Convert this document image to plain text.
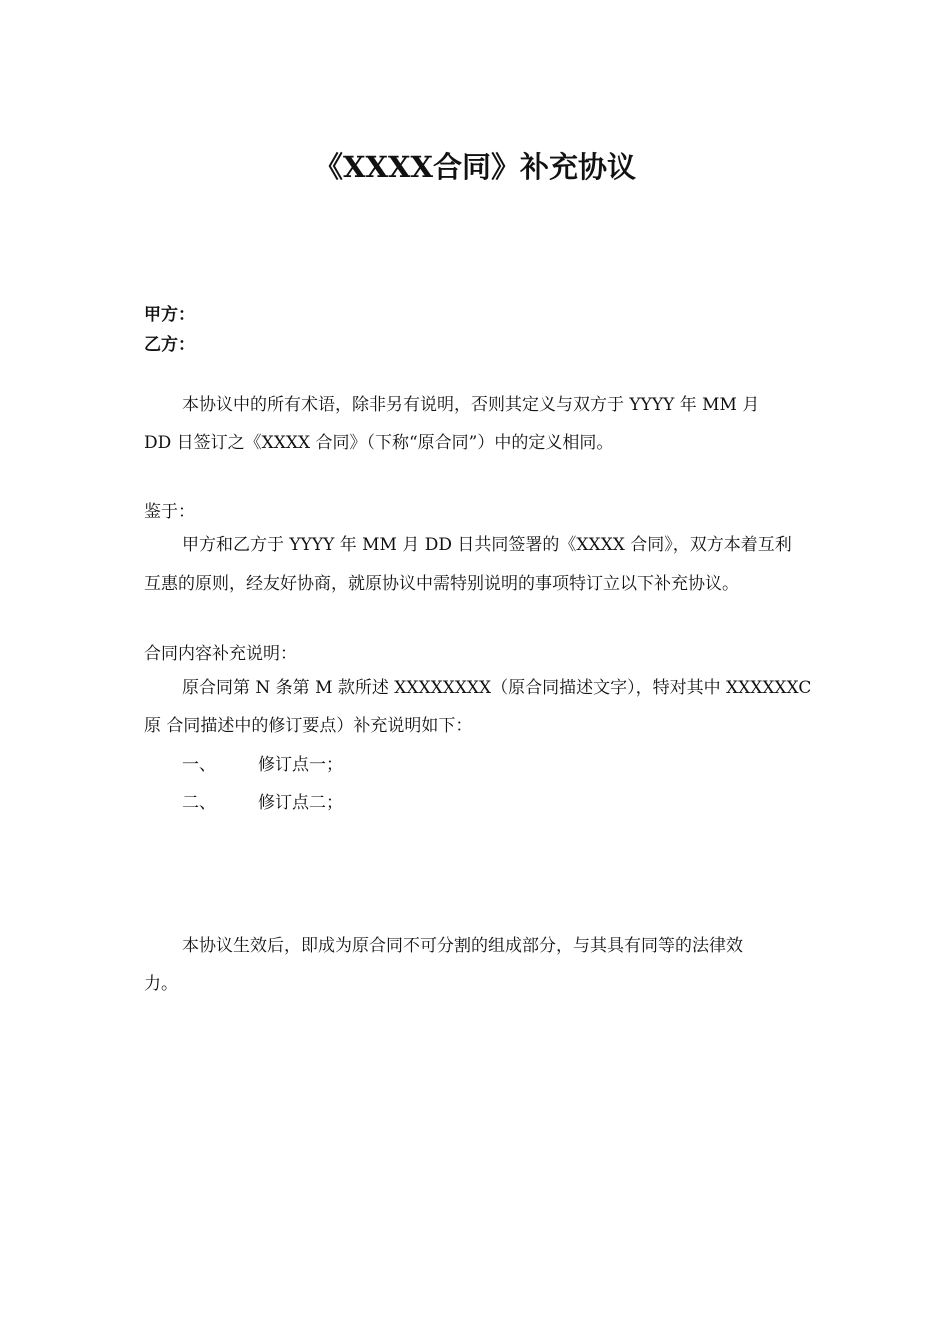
《XXXX合同》补充协议
甲方：
乙方：
本协议中的所有术语，除非另有说明，否则其定义与双方于 YYYY 年 MM 月
DD 日签订之《XXXX 合同》（下称“原合同”）中的定义相同。
鉴于：
甲方和乙方于 YYYY 年 MM 月 DD 日共同签署的《XXXX 合同》，双方本着互利
互惠的原则，经友好协商，就原协议中需特别说明的事项特订立以下补充协议。
合同内容补充说明：
原合同第 N 条第 M 款所述 XXXXXXXX（原合同描述文字），特对其中 XXXXXXC
原 合同描述中的修订要点）补充说明如下：
一、 修订点一；
二、 修订点二；
本协议生效后，即成为原合同不可分割的组成部分，与其具有同等的法律效
力。
